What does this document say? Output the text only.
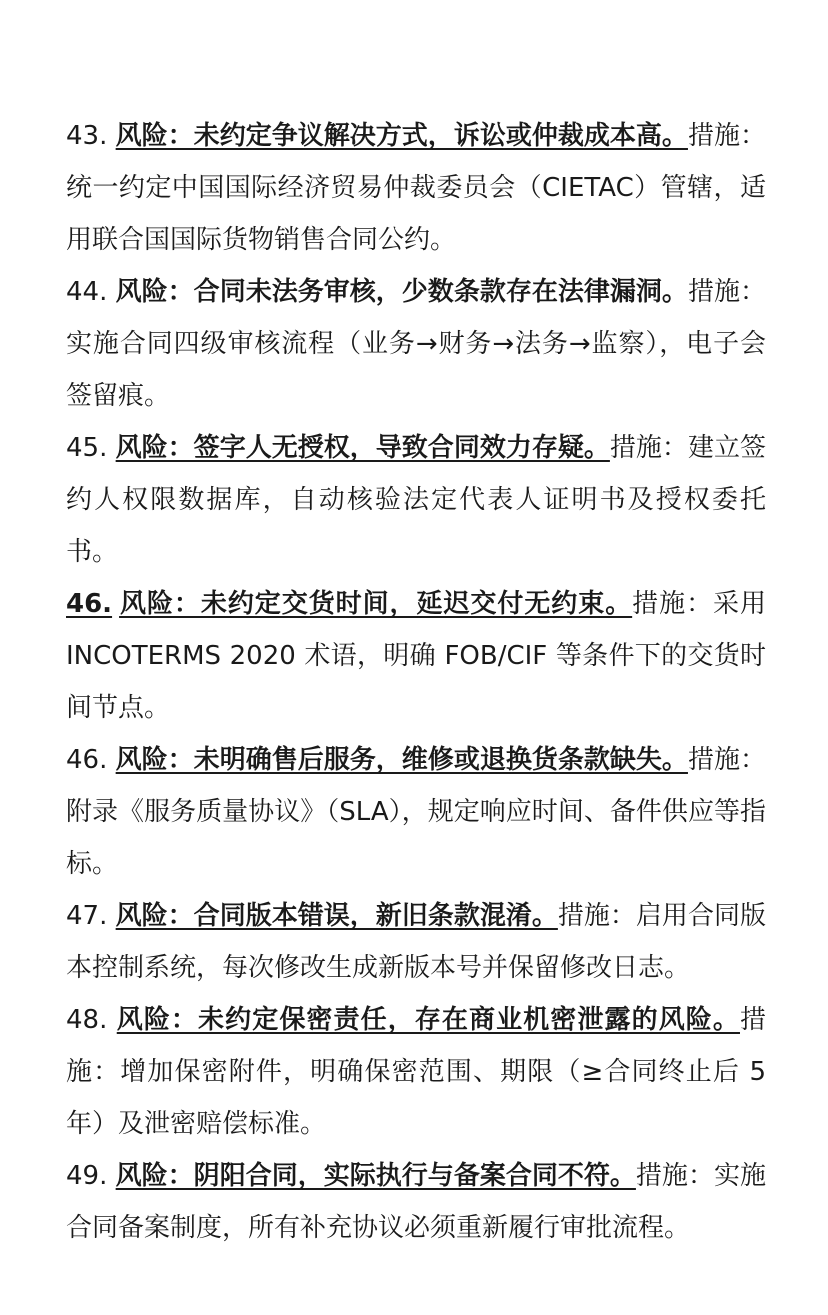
43. 风险：未约定争议解决方式，诉讼或仲裁成本高。措施：统一约定中国国际经济贸易仲裁委员会（CIETAC）管辖，适用联合国国际货物销售合同公约。

44. 风险：合同未法务审核，少数条款存在法律漏洞。措施：实施合同四级审核流程（业务→财务→法务→监察），电子会签留痕。

45. 风险：签字人无授权，导致合同效力存疑。措施：建立签约人权限数据库，自动核验法定代表人证明书及授权委托书。

46. 风险：未约定交货时间，延迟交付无约束。措施：采用 INCOTERMS 2020 术语，明确 FOB/CIF 等条件下的交货时间节点。

46. 风险：未明确售后服务，维修或退换货条款缺失。措施：附录《服务质量协议》（SLA），规定响应时间、备件供应等指标。

47. 风险：合同版本错误，新旧条款混淆。措施：启用合同版本控制系统，每次修改生成新版本号并保留修改日志。

48. 风险：未约定保密责任，存在商业机密泄露的风险。措施：增加保密附件，明确保密范围、期限（≥合同终止后 5 年）及泄密赔偿标准。

49. 风险：阴阳合同，实际执行与备案合同不符。措施：实施合同备案制度，所有补充协议必须重新履行审批流程。
